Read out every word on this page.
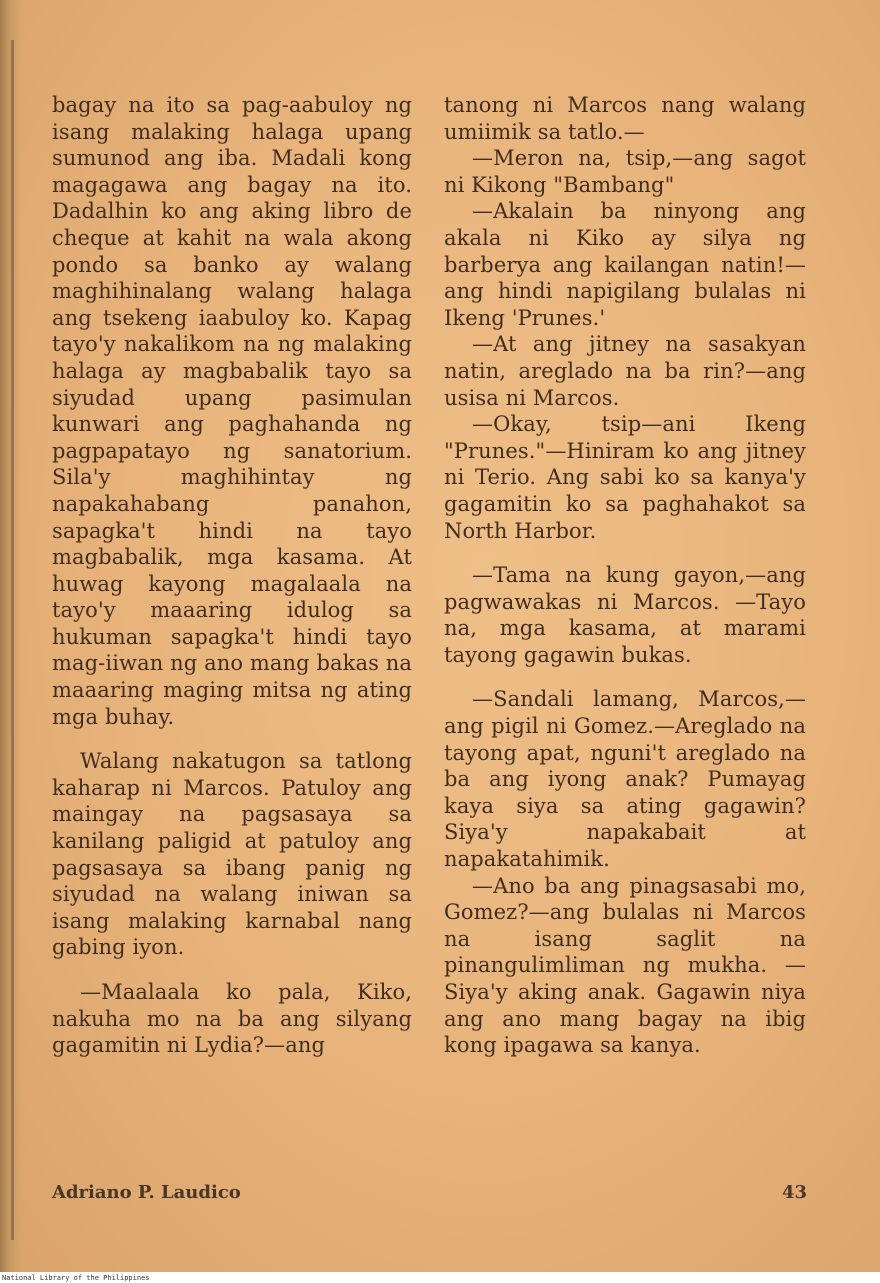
bagay na ito sa pag-aabuloy ng isang malaking halaga upang sumunod ang iba. Madali kong magagawa ang bagay na ito. Dadalhin ko ang aking libro de cheque at kahit na wala akong pondo sa banko ay walang maghihinalang walang halaga ang tsekeng iaabuloy ko. Kapag tayo'y nakalikom na ng malaking halaga ay magbabalik tayo sa siyudad upang pasimulan kunwari ang paghahanda ng pagpapatayo ng sanatorium. Sila'y maghihintay ng napakahabang panahon, sapagka't hindi na tayo magbabalik, mga kasama. At huwag kayong magalaala na tayo'y maaaring idulog sa hukuman sapagka't hindi tayo mag-iiwan ng ano mang bakas na maaaring maging mitsa ng ating mga buhay.

Walang nakatugon sa tatlong kaharap ni Marcos. Patuloy ang maingay na pagsasaya sa kanilang paligid at patuloy ang pagsasaya sa ibang panig ng siyudad na walang iniwan sa isang malaking karnabal nang gabing iyon.

—Maalaala ko pala, Kiko, nakuha mo na ba ang silyang gagamitin ni Lydia?—ang

tanong ni Marcos nang walang umiimik sa tatlo.—

—Meron na, tsip,—ang sagot ni Kikong "Bambang"

—Akalain ba ninyong ang akala ni Kiko ay silya ng barberya ang kailangan natin!—ang hindi napigilang bulalas ni Ikeng 'Prunes.'

—At ang jitney na sasakyan natin, areglado na ba rin?—ang usisa ni Marcos.

—Okay, tsip—ani Ikeng "Prunes."—Hiniram ko ang jitney ni Terio. Ang sabi ko sa kanya'y gagamitin ko sa paghahakot sa North Harbor.

—Tama na kung gayon,—ang pagwawakas ni Marcos. —Tayo na, mga kasama, at marami tayong gagawin bukas.

—Sandali lamang, Marcos,—ang pigil ni Gomez.—Areglado na tayong apat, nguni't areglado na ba ang iyong anak? Pumayag kaya siya sa ating gagawin? Siya'y napakabait at napakatahimik.

—Ano ba ang pinagsasabi mo, Gomez?—ang bulalas ni Marcos na isang saglit na pinangulimliman ng mukha. —Siya'y aking anak. Gagawin niya ang ano mang bagay na ibig kong ipagawa sa kanya.

Adriano P. Laudico	43
National Library of the Philippines
